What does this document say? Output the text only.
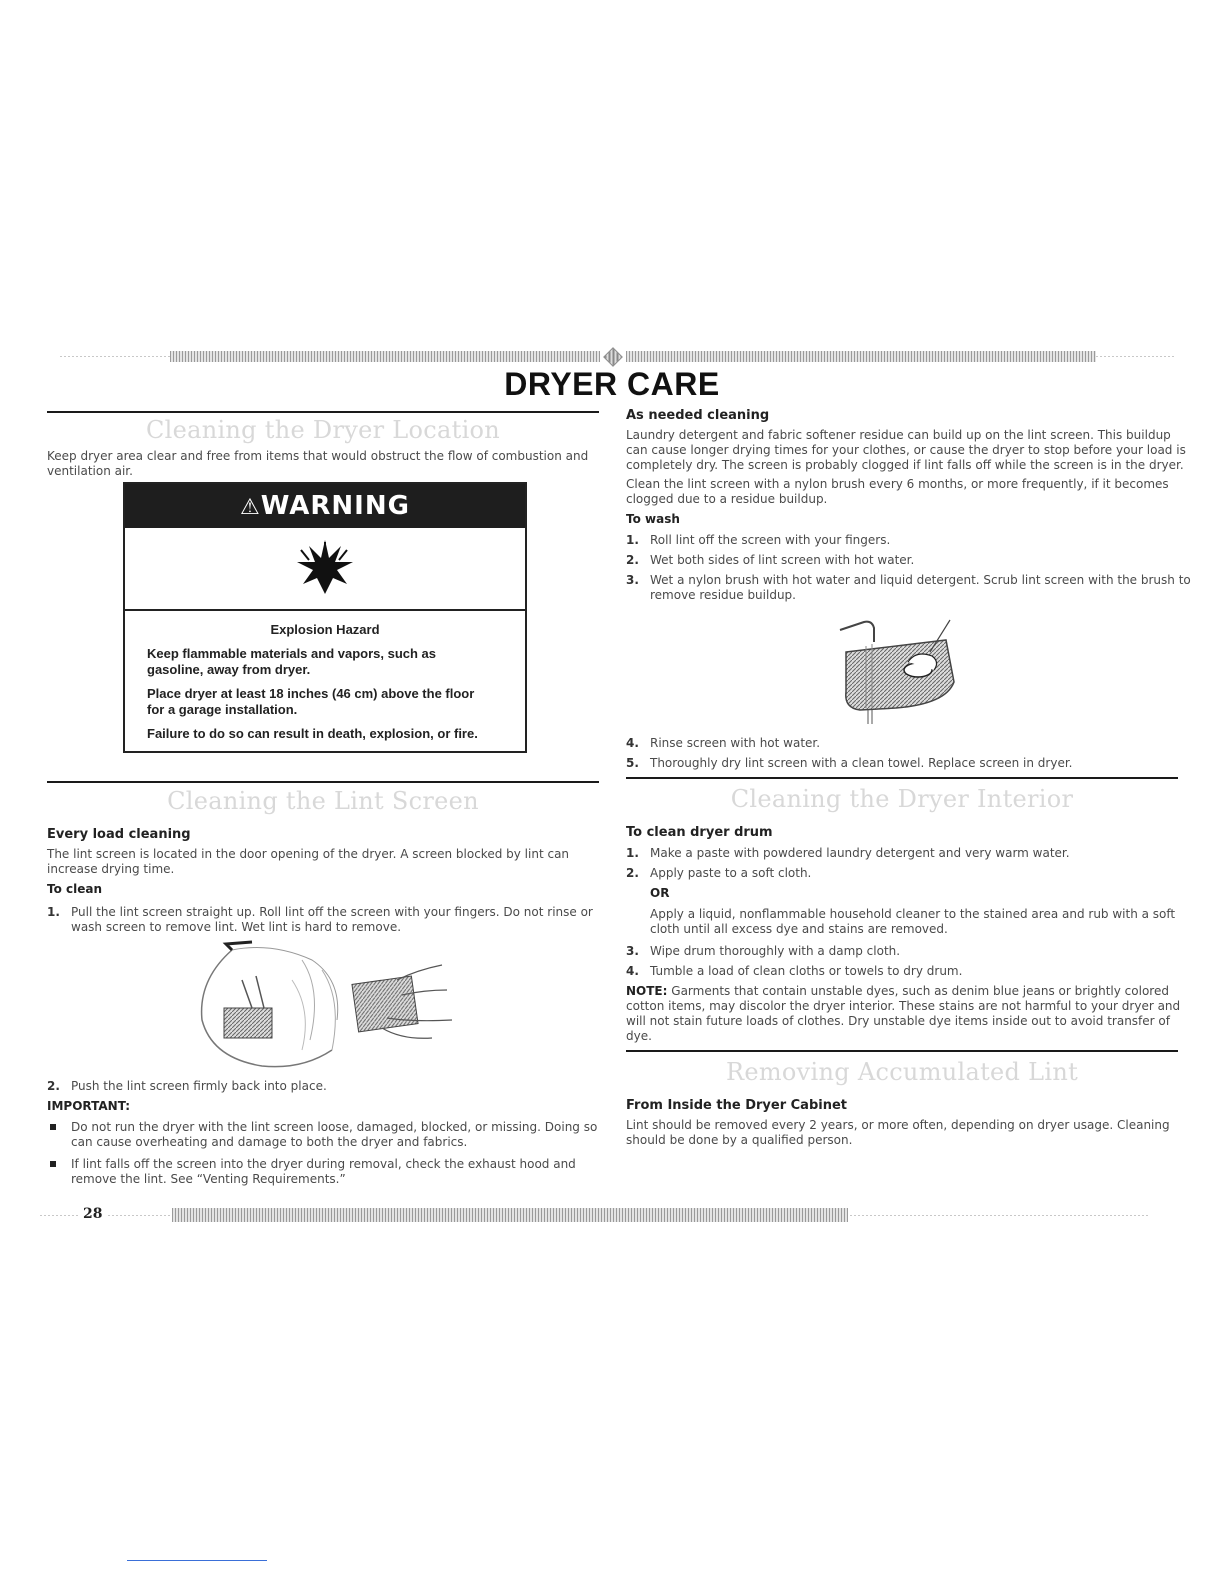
DRYER CARE
Cleaning the Dryer Location
Keep dryer area clear and free from items that would obstruct the flow of combustion and
ventilation air.
⚠WARNING
Explosion Hazard
Keep flammable materials and vapors, such as
gasoline, away from dryer.
Place dryer at least 18 inches (46 cm) above the floor
for a garage installation.
Failure to do so can result in death, explosion, or fire.
Cleaning the Lint Screen
Every load cleaning
The lint screen is located in the door opening of the dryer. A screen blocked by lint can
increase drying time.
To clean
1. Pull the lint screen straight up. Roll lint off the screen with your fingers. Do not rinse or
wash screen to remove lint. Wet lint is hard to remove.
2. Push the lint screen firmly back into place.
IMPORTANT:
Do not run the dryer with the lint screen loose, damaged, blocked, or missing. Doing so
can cause overheating and damage to both the dryer and fabrics.
If lint falls off the screen into the dryer during removal, check the exhaust hood and
remove the lint. See “Venting Requirements.”
As needed cleaning
Laundry detergent and fabric softener residue can build up on the lint screen. This buildup
can cause longer drying times for your clothes, or cause the dryer to stop before your load is
completely dry. The screen is probably clogged if lint falls off while the screen is in the dryer.
Clean the lint screen with a nylon brush every 6 months, or more frequently, if it becomes
clogged due to a residue buildup.
To wash
1. Roll lint off the screen with your fingers.
2. Wet both sides of lint screen with hot water.
3. Wet a nylon brush with hot water and liquid detergent. Scrub lint screen with the brush to
remove residue buildup.
4. Rinse screen with hot water.
5. Thoroughly dry lint screen with a clean towel. Replace screen in dryer.
Cleaning the Dryer Interior
To clean dryer drum
1. Make a paste with powdered laundry detergent and very warm water.
2. Apply paste to a soft cloth.
OR
Apply a liquid, nonflammable household cleaner to the stained area and rub with a soft
cloth until all excess dye and stains are removed.
3. Wipe drum thoroughly with a damp cloth.
4. Tumble a load of clean cloths or towels to dry drum.
NOTE: Garments that contain unstable dyes, such as denim blue jeans or brightly colored
cotton items, may discolor the dryer interior. These stains are not harmful to your dryer and
will not stain future loads of clothes. Dry unstable dye items inside out to avoid transfer of
dye.
Removing Accumulated Lint
From Inside the Dryer Cabinet
Lint should be removed every 2 years, or more often, depending on dryer usage. Cleaning
should be done by a qualified person.
28
